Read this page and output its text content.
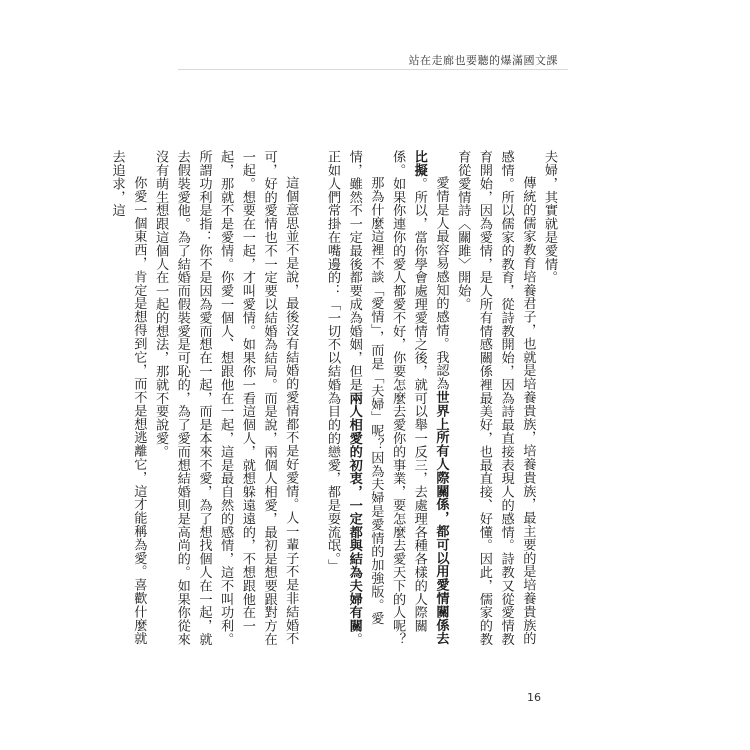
站在走廊也要聽的爆滿國文課

夫婦，其實就是愛情。

傳統的儒家教育培養君子，也就是培養貴族，培養貴族，最主要的是培養貴族的感情。所以儒家的教育，從詩教開始，因為詩最直接表現人的感情。詩教又從愛情教育開始，因為愛情，是人所有情感關係裡最美好，也最直接、好懂。因此，儒家的教育從愛情詩〈關雎〉開始。

愛情是人最容易感知的感情。我認為世界上所有人際關係，都可以用愛情關係去比擬。所以，當你學會處理愛情之後，就可以舉一反三，去處理各種各樣的人際關係。如果你連你的愛人都愛不好，你要怎麼去愛你的事業，要怎麼去愛天下的人呢？

那為什麼這裡不談「愛情」，而是「夫婦」呢？因為夫婦是愛情的加強版。愛情，雖然不一定最後都要成為婚姻，但是兩人相愛的初衷，一定都與結為夫婦有關。正如人們常掛在嘴邊的：「一切不以結婚為目的的戀愛，都是耍流氓。」

這個意思並不是說，最後沒有結婚的愛情都不是好愛情。人一輩子不是非結婚不可，好的愛情也不一定要以結婚為結局。而是說，兩個人相愛，最初是想要跟對方在一起。想要在一起，才叫愛情。如果你一看這個人，就想躲遠遠的，不想跟他在一起，那就不是愛情。你愛一個人、想跟他在一起，這是最自然的感情，這不叫功利。所謂功利是指：你不是因為愛而想在一起，而是本來不愛，為了想找個人在一起，就去假裝愛他。為了結婚而假裝愛是可恥的，為了愛而想結婚則是高尚的。如果你從來沒有萌生想跟這個人在一起的想法，那就不要說愛。

你愛一個東西，肯定是想得到它，而不是想逃離它，這才能稱為愛。喜歡什麼就去追求，這

16
